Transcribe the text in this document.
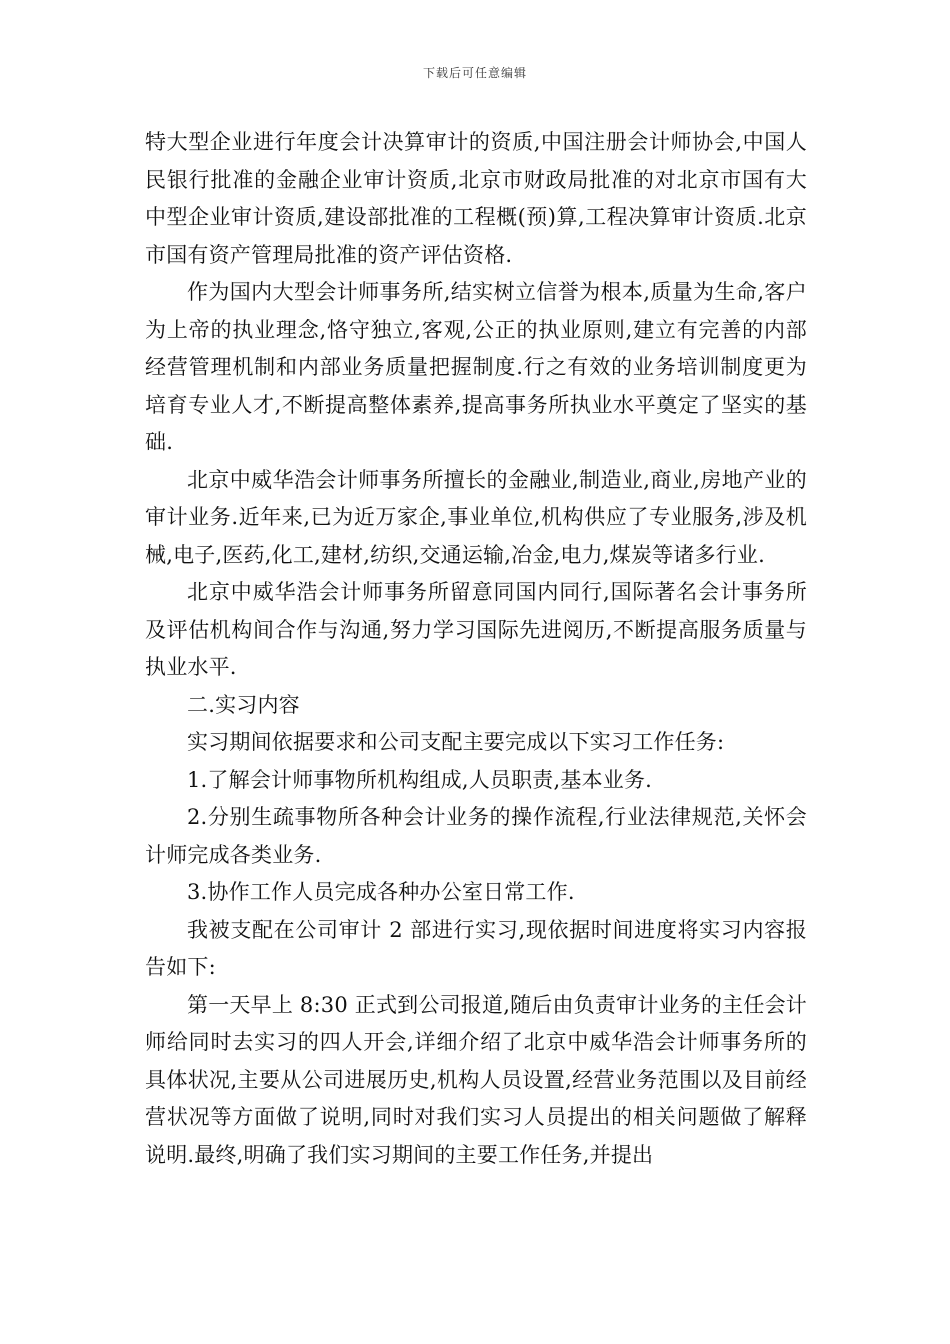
下载后可任意编辑

特大型企业进行年度会计决算审计的资质,中国注册会计师协会,中国人民银行批准的金融企业审计资质,北京市财政局批准的对北京市国有大中型企业审计资质,建设部批准的工程概(预)算,工程决算审计资质.北京市国有资产管理局批准的资产评估资格.

作为国内大型会计师事务所,结实树立信誉为根本,质量为生命,客户为上帝的执业理念,恪守独立,客观,公正的执业原则,建立有完善的内部经营管理机制和内部业务质量把握制度.行之有效的业务培训制度更为培育专业人才,不断提高整体素养,提高事务所执业水平奠定了坚实的基础.

北京中威华浩会计师事务所擅长的金融业,制造业,商业,房地产业的审计业务.近年来,已为近万家企,事业单位,机构供应了专业服务,涉及机械,电子,医药,化工,建材,纺织,交通运输,冶金,电力,煤炭等诸多行业.

北京中威华浩会计师事务所留意同国内同行,国际著名会计事务所及评估机构间合作与沟通,努力学习国际先进阅历,不断提高服务质量与执业水平.

二.实习内容

实习期间依据要求和公司支配主要完成以下实习工作任务:

1.了解会计师事物所机构组成,人员职责,基本业务.

2.分别生疏事物所各种会计业务的操作流程,行业法律规范,关怀会计师完成各类业务.

3.协作工作人员完成各种办公室日常工作.

我被支配在公司审计 2 部进行实习,现依据时间进度将实习内容报告如下:

第一天早上 8:30 正式到公司报道,随后由负责审计业务的主任会计师给同时去实习的四人开会,详细介绍了北京中威华浩会计师事务所的具体状况,主要从公司进展历史,机构人员设置,经营业务范围以及目前经营状况等方面做了说明,同时对我们实习人员提出的相关问题做了解释说明.最终,明确了我们实习期间的主要工作任务,并提出
